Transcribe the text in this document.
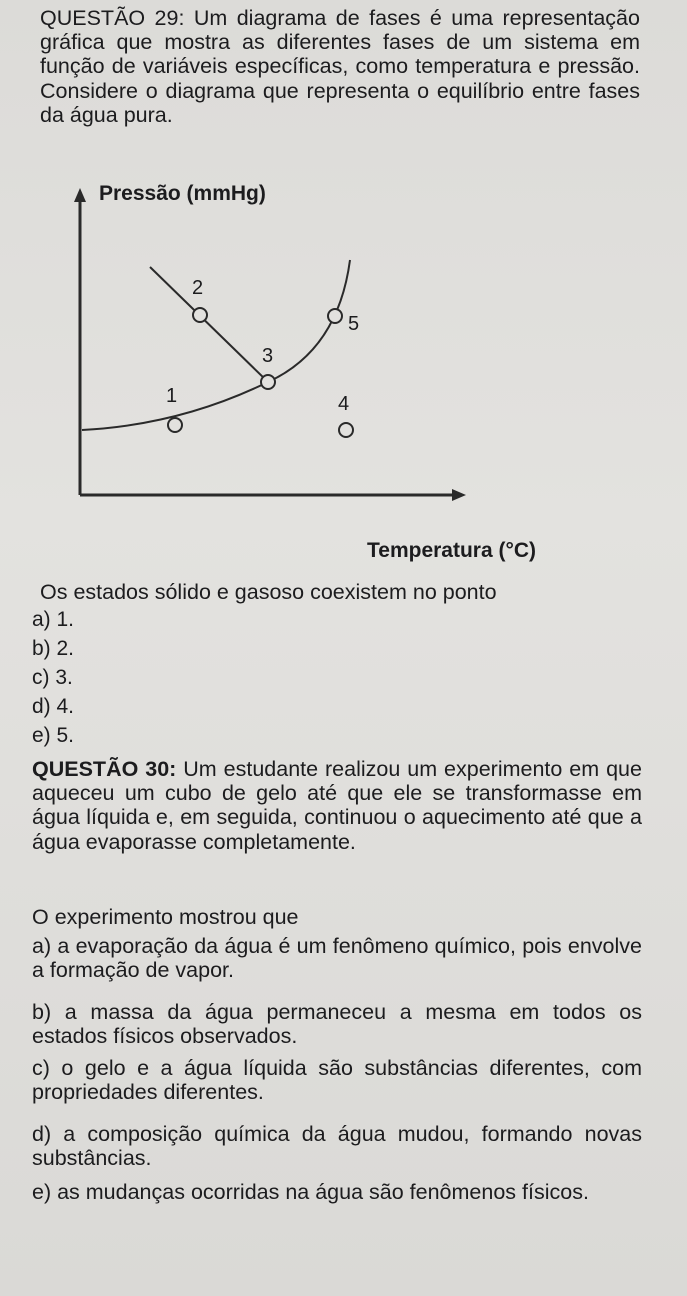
QUESTÃO 29: Um diagrama de fases é uma representação gráfica que mostra as diferentes fases de um sistema em função de variáveis específicas, como temperatura e pressão. Considere o diagrama que representa o equilíbrio entre fases da água pura.
1
2
3
4
5
Pressão (mmHg)
Temperatura (°C)
Os estados sólido e gasoso coexistem no ponto
a) 1.
b) 2.
c) 3.
d) 4.
e) 5.
QUESTÃO 30: Um estudante realizou um experimento em que aqueceu um cubo de gelo até que ele se transformasse em água líquida e, em seguida, continuou o aquecimento até que a água evaporasse completamente.
O experimento mostrou que
a) a evaporação da água é um fenômeno químico, pois envolve a formação de vapor.
b) a massa da água permaneceu a mesma em todos os estados físicos observados.
c) o gelo e a água líquida são substâncias diferentes, com propriedades diferentes.
d) a composição química da água mudou, formando novas substâncias.
e) as mudanças ocorridas na água são fenômenos físicos.
